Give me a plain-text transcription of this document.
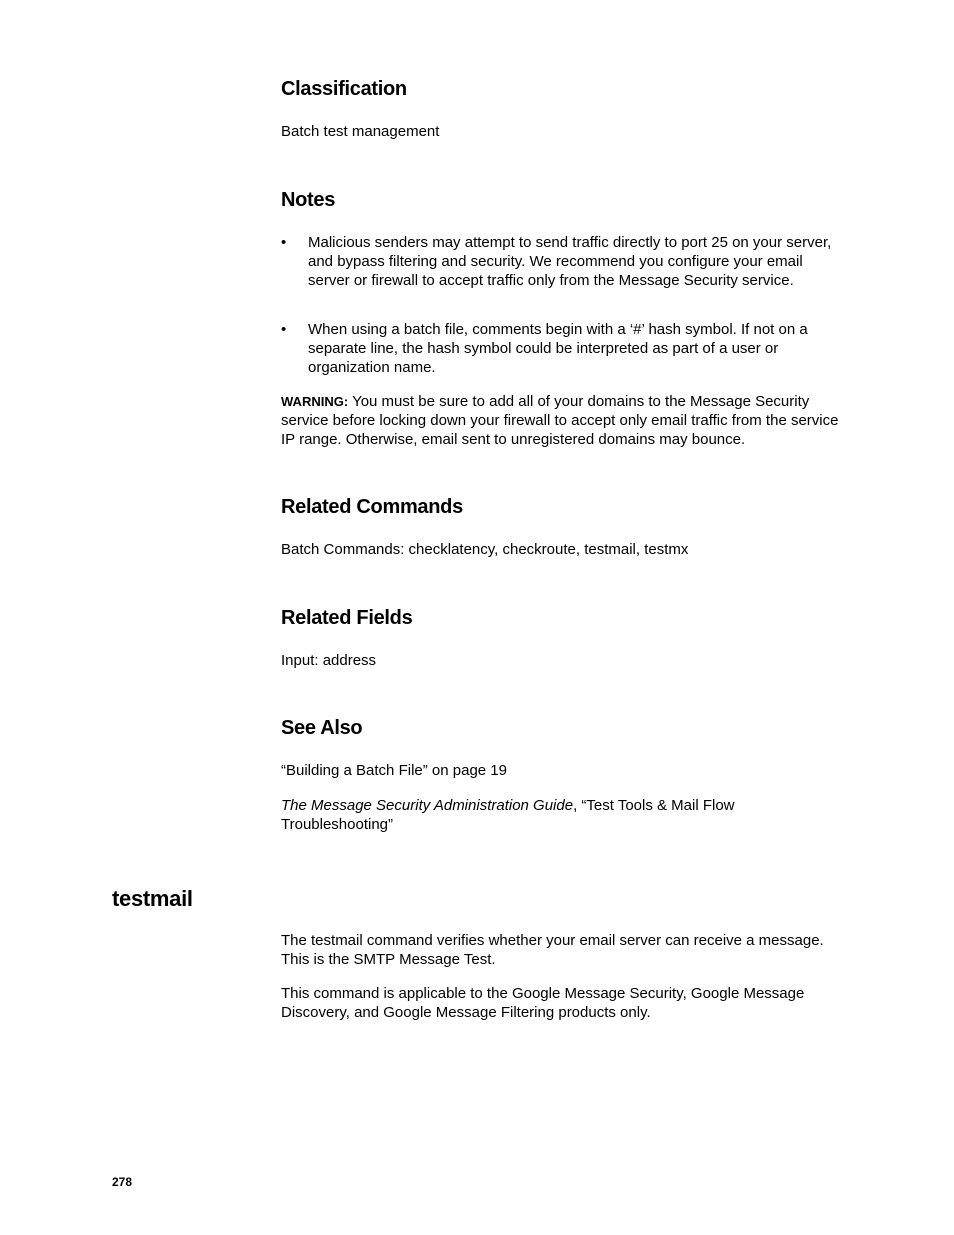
Classification

Batch test management

Notes
• Malicious senders may attempt to send traffic directly to port 25 on your server, and bypass filtering and security. We recommend you configure your email server or firewall to accept traffic only from the Message Security service.
• When using a batch file, comments begin with a ‘#’ hash symbol. If not on a separate line, the hash symbol could be interpreted as part of a user or organization name.

WARNING: You must be sure to add all of your domains to the Message Security service before locking down your firewall to accept only email traffic from the service IP range. Otherwise, email sent to unregistered domains may bounce.

Related Commands

Batch Commands: checklatency, checkroute, testmail, testmx

Related Fields

Input: address

See Also

“Building a Batch File” on page 19

The Message Security Administration Guide, “Test Tools & Mail Flow Troubleshooting”

testmail

The testmail command verifies whether your email server can receive a message. This is the SMTP Message Test.

This command is applicable to the Google Message Security, Google Message Discovery, and Google Message Filtering products only.

278
